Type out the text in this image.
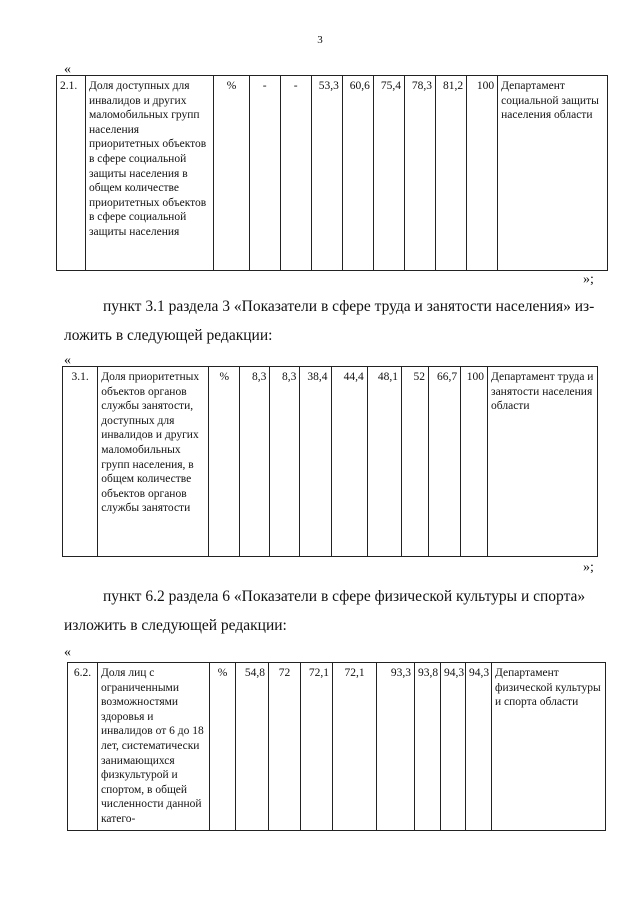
3
«
2.1.	Доля доступных для инвалидов и других маломобильных групп населения приоритетных объектов в сфере социальной защиты населения в общем количестве приоритетных объектов в сфере социальной защиты населения	%	-	-	53,3	60,6	75,4	78,3	81,2	100	Департамент социальной защиты населения области
»;
пункт 3.1 раздела 3 «Показатели в сфере труда и занятости населения» из-
ложить в следующей редакции:
«
3.1.	Доля приоритетных объектов органов службы занятости, доступных для инвалидов и других маломобильных групп населения, в общем количестве объектов органов службы занятости	%	8,3	8,3	38,4	44,4	48,1	52	66,7	100	Департамент труда и занятости населения области
»;
пункт 6.2 раздела 6 «Показатели в сфере физической культуры и спорта»
изложить в следующей редакции:
«
6.2.	Доля лиц с ограниченными возможностями здоровья и инвалидов от 6 до 18 лет, систематически занимающихся физкультурой и спортом, в общей численности данной катего-	%	54,8	72	72,1	72,1	93,3	93,8	94,3	94,3	Департамент физической культуры и спорта области
